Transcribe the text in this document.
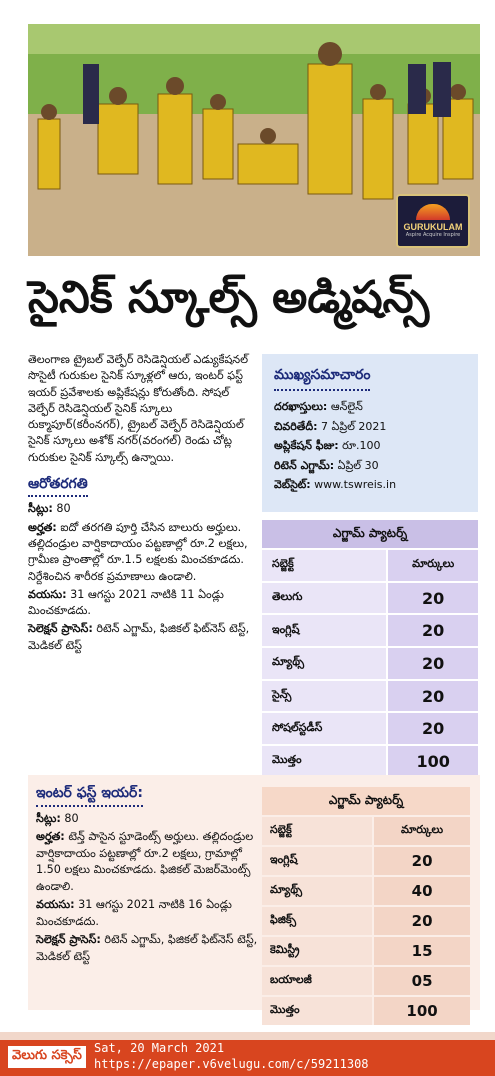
GURUKULAM
Aspire Acquire Inspire
సైనిక్ స్కూల్స్ అడ్మిషన్స్

తెలంగాణ ట్రైబల్ వెల్ఫేర్ రెసిడెన్షియల్ ఎడ్యుకేషనల్ సొసైటీ గురుకుల సైనిక్ స్కూళ్లలో ఆరు, ఇంటర్ ఫస్ట్ ఇయర్ ప్రవేశాలకు అప్లికేషన్లు కోరుతోంది. సోషల్ వెల్ఫేర్ రెసిడెన్షియల్ సైనిక్ స్కూలు రుక్మాపూర్(కరీంనగర్), ట్రైబల్ వెల్ఫేర్ రెసిడెన్షియల్ సైనిక్ స్కూలు అశోక్ నగర్(వరంగల్) రెండు చోట్ల గురుకుల సైనిక్ స్కూల్స్ ఉన్నాయి.

ఆరోతరగతి

సీట్లు: 80

అర్హత: ఐదో తరగతి పూర్తి చేసిన బాలురు అర్హులు. తల్లిదండ్రుల వార్షికాదాయం పట్టణాల్లో రూ.2 లక్షలు, గ్రామీణ ప్రాంతాల్లో రూ.1.5 లక్షలకు మించకూడదు. నిర్దేశించిన శారీరక ప్రమాణాలు ఉండాలి.

వయసు: 31 ఆగస్టు 2021 నాటికి 11 ఏండ్లు మించకూడదు.

సెలెక్షన్ ప్రాసెస్: రిటెన్ ఎగ్జామ్, ఫిజికల్ ఫిట్‌నెస్ టెస్ట్, మెడికల్ టెస్ట్

ముఖ్యసమాచారం
దరఖాస్తులు: ఆన్‌లైన్
చివరితేదీ: 7 ఏప్రిల్ 2021
అప్లికేషన్ ఫీజు: రూ.100
రిటెన్ ఎగ్జామ్: ఏప్రిల్ 30
వెబ్‌సైట్: www.tswreis.in
ఎగ్జామ్ ప్యాటర్న్	
సబ్జెక్ట్	మార్కులు
తెలుగు	20
ఇంగ్లిష్	20
మ్యాథ్స్	20
సైన్స్	20
సోషల్‌స్టడీస్	20
మొత్తం	100
ఇంటర్ ఫస్ట్ ఇయర్:

సీట్లు: 80

అర్హత: టెన్త్ పాసైన స్టూడెంట్స్ అర్హులు. తల్లిదండ్రుల వార్షికాదాయం పట్టణాల్లో రూ.2 లక్షలు, గ్రామాల్లో 1.50 లక్షలు మించకూడదు. ఫిజికల్ మెజర్‌మెంట్స్ ఉండాలి.

వయసు: 31 ఆగస్టు 2021 నాటికి 16 ఏండ్లు మించకూడదు.

సెలెక్షన్ ప్రాసెస్: రిటెన్ ఎగ్జామ్, ఫిజికల్ ఫిట్‌నెస్ టెస్ట్, మెడికల్ టెస్ట్

ఎగ్జామ్ ప్యాటర్న్	
సబ్జెక్ట్	మార్కులు
ఇంగ్లిష్	20
మ్యాథ్స్	40
ఫిజిక్స్	20
కెమిస్ట్రీ	15
బయాలజీ	05
మొత్తం	100
వెలుగు సక్సెస్	Sat, 20 March 2021
https://epaper.v6velugu.com/c/59211308
